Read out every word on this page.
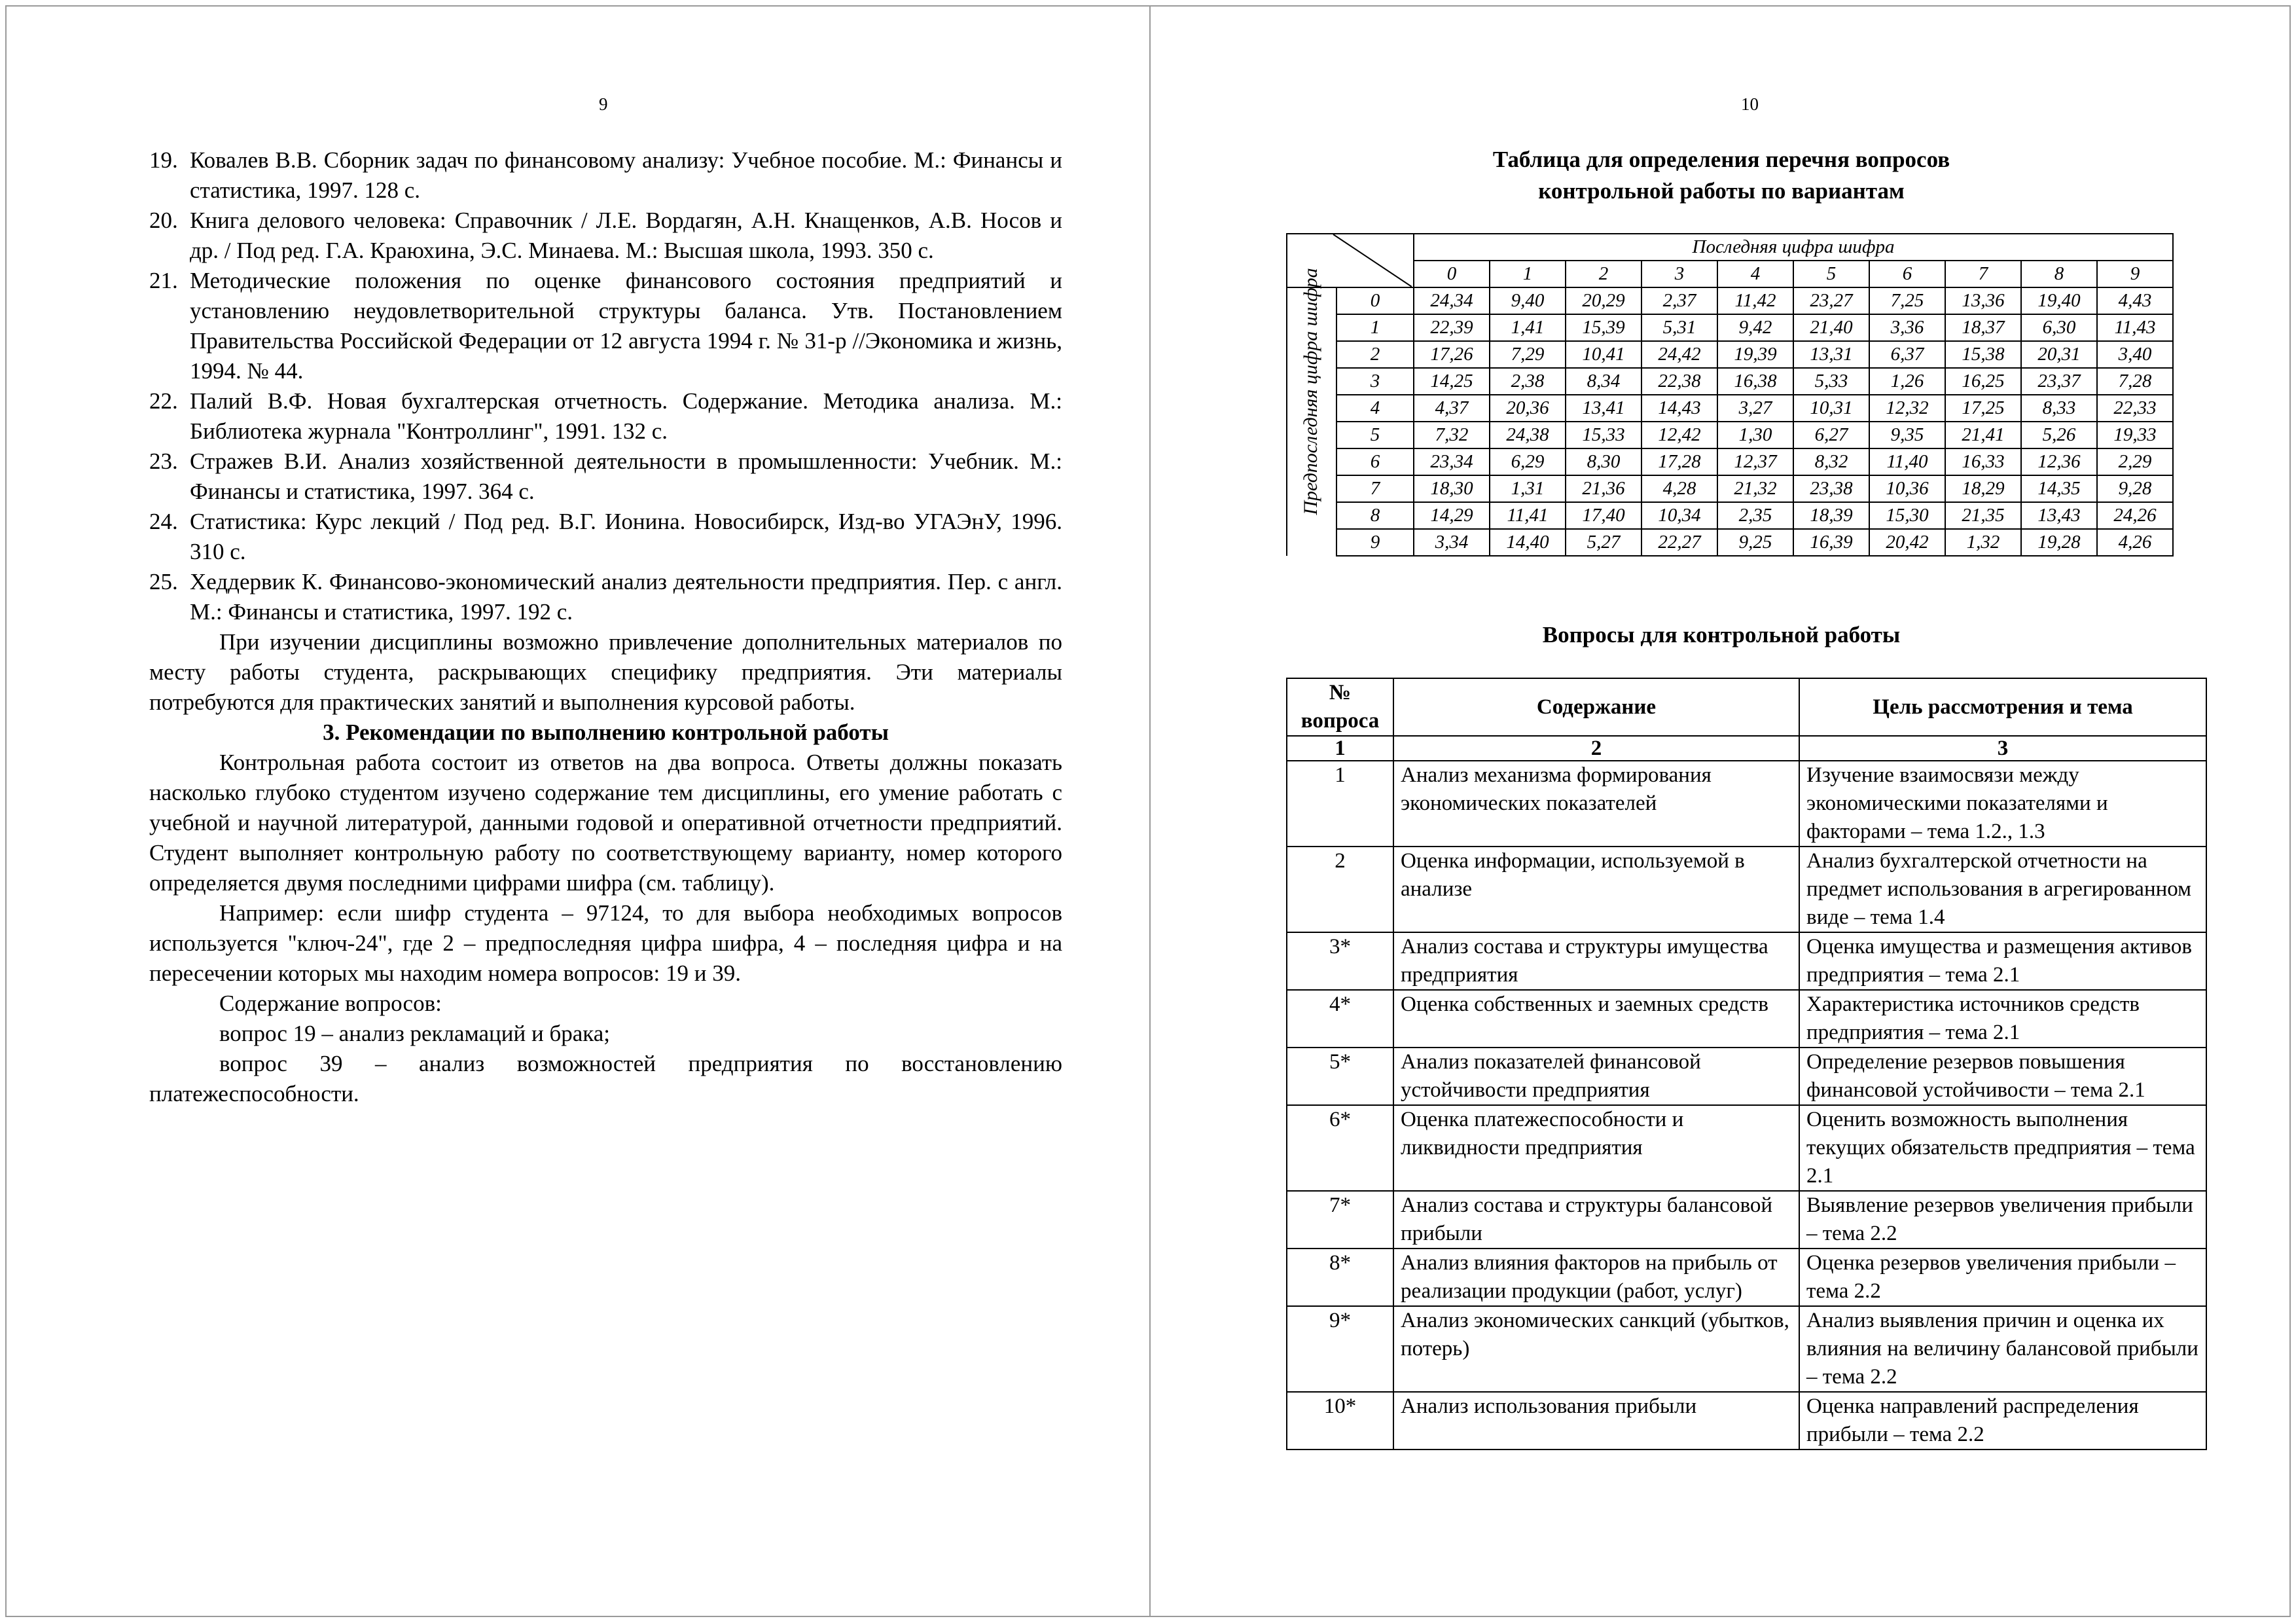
9
19. Ковалев В.В. Сборник задач по финансовому анализу: Учебное пособие. М.: Финансы и статистика, 1997. 128 с.
20. Книга делового человека: Справочник / Л.Е. Вордагян, А.Н. Кнащенков, А.В. Носов и др. / Под ред. Г.А. Краюхина, Э.С. Минаева. М.: Высшая школа, 1993. 350 с.
21. Методические положения по оценке финансового состояния предприятий и установлению неудовлетворительной структуры баланса. Утв. Постановлением Правительства Российской Федерации от 12 августа 1994 г. № 31-р //Экономика и жизнь, 1994. № 44.
22. Палий В.Ф. Новая бухгалтерская отчетность. Содержание. Методика анализа. М.: Библиотека журнала "Контроллинг", 1991. 132 с.
23. Стражев В.И. Анализ хозяйственной деятельности в промышленности: Учебник. М.: Финансы и статистика, 1997. 364 с.
24. Статистика: Курс лекций / Под ред. В.Г. Ионина. Новосибирск, Изд-во УГАЭнУ, 1996. 310 с.
25. Хеддервик К. Финансово-экономический анализ деятельности предприятия. Пер. с англ. М.: Финансы и статистика, 1997. 192 с.

При изучении дисциплины возможно привлечение дополнительных материалов по месту работы студента, раскрывающих специфику предприятия. Эти материалы потребуются для практических занятий и выполнения курсовой работы.

3. Рекомендации по выполнению контрольной работы

Контрольная работа состоит из ответов на два вопроса. Ответы должны показать насколько глубоко студентом изучено содержание тем дисциплины, его умение работать с учебной и научной литературой, данными годовой и оперативной отчетности предприятий. Студент выполняет контрольную работу по соответствующему варианту, номер которого определяется двумя последними цифрами шифра (см. таблицу).

Например: если шифр студента – 97124, то для выбора необходимых вопросов используется "ключ-24", где 2 – предпоследняя цифра шифра, 4 – последняя цифра и на пересечении которых мы находим номера вопросов: 19 и 39.

Содержание вопросов:

вопрос 19 – анализ рекламаций и брака;

вопрос 39 – анализ возможностей предприятия по восстановлению платежеспособности.

10
Таблица для определения перечня вопросов
контрольной работы по вариантам
Предпоследняя цифра шифра
	Последняя цифра шифра									
		0	1	2	3	4	5	6	7	8	9
	0	24,34	9,40	20,29	2,37	11,42	23,27	7,25	13,36	19,40	4,43
	1	22,39	1,41	15,39	5,31	9,42	21,40	3,36	18,37	6,30	11,43
	2	17,26	7,29	10,41	24,42	19,39	13,31	6,37	15,38	20,31	3,40
	3	14,25	2,38	8,34	22,38	16,38	5,33	1,26	16,25	23,37	7,28
	4	4,37	20,36	13,41	14,43	3,27	10,31	12,32	17,25	8,33	22,33
	5	7,32	24,38	15,33	12,42	1,30	6,27	9,35	21,41	5,26	19,33
	6	23,34	6,29	8,30	17,28	12,37	8,32	11,40	16,33	12,36	2,29
	7	18,30	1,31	21,36	4,28	21,32	23,38	10,36	18,29	14,35	9,28
	8	14,29	11,41	17,40	10,34	2,35	18,39	15,30	21,35	13,43	24,26
	9	3,34	14,40	5,27	22,27	9,25	16,39	20,42	1,32	19,28	4,26
Вопросы для контрольной работы
№ вопроса	Содержание	Цель рассмотрения и тема
1	2	3
1	Анализ механизма формирования экономических показателей	Изучение взаимосвязи между экономическими показателями и факторами – тема 1.2., 1.3
2	Оценка информации, используемой в анализе	Анализ бухгалтерской отчетности на предмет использования в агрегированном виде – тема 1.4
3*	Анализ состава и структуры имущества предприятия	Оценка имущества и размещения активов предприятия – тема 2.1
4*	Оценка собственных и заемных средств	Характеристика источников средств предприятия – тема 2.1
5*	Анализ показателей финансовой устойчивости предприятия	Определение резервов повышения финансовой устойчивости – тема 2.1
6*	Оценка платежеспособности и ликвидности предприятия	Оценить возможность выполнения текущих обязательств предприятия – тема 2.1
7*	Анализ состава и структуры балансовой прибыли	Выявление резервов увеличения прибыли – тема 2.2
8*	Анализ влияния факторов на прибыль от реализации продукции (работ, услуг)	Оценка резервов увеличения прибыли – тема 2.2
9*	Анализ экономических санкций (убытков, потерь)	Анализ выявления причин и оценка их влияния на величину балансовой прибыли – тема 2.2
10*	Анализ использования прибыли	Оценка направлений распределения прибыли – тема 2.2
